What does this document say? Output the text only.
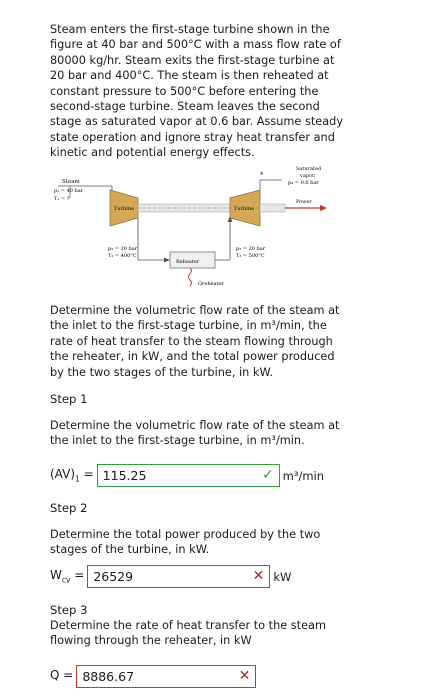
Steam enters the first-stage turbine shown in the figure at 40 bar and 500°C with a mass flow rate of 80000 kg/hr. Steam exits the first-stage turbine at 20 bar and 400°C. The steam is then reheated at constant pressure to 500°C before entering the second-stage turbine. Steam leaves the second stage as saturated vapor at 0.6 bar. Assume steady state operation and ignore stray heat transfer and kinetic and potential energy effects.
Steam
p₁ = 40 bar
T₁ = ?
Turbine	Turbine
Power
Saturated
vapor,
p₄ = 0.6 bar
4
Reheater
Q̇reheater
p₂ = 20 bar
T₂ = 400°C
p₃ = 20 bar
T₃ = 500°C
Determine the volumetric flow rate of the steam at the inlet to the first-stage turbine, in m³/min, the rate of heat transfer to the steam flowing through the reheater, in kW, and the total power produced by the two stages of the turbine, in kW.
Step 1
Determine the volumetric flow rate of the steam at the inlet to the first-stage turbine, in m³/min.
$(AV)_1 = 115.25$	✓ m³/min
Step 2
Determine the total power produced by the two stages of the turbine, in kW.
$W_{cv} = 26529$	✕ kW
Step 3
Determine the rate of heat transfer to the steam flowing through the reheater, in kW
Q = 8886.67	✕
